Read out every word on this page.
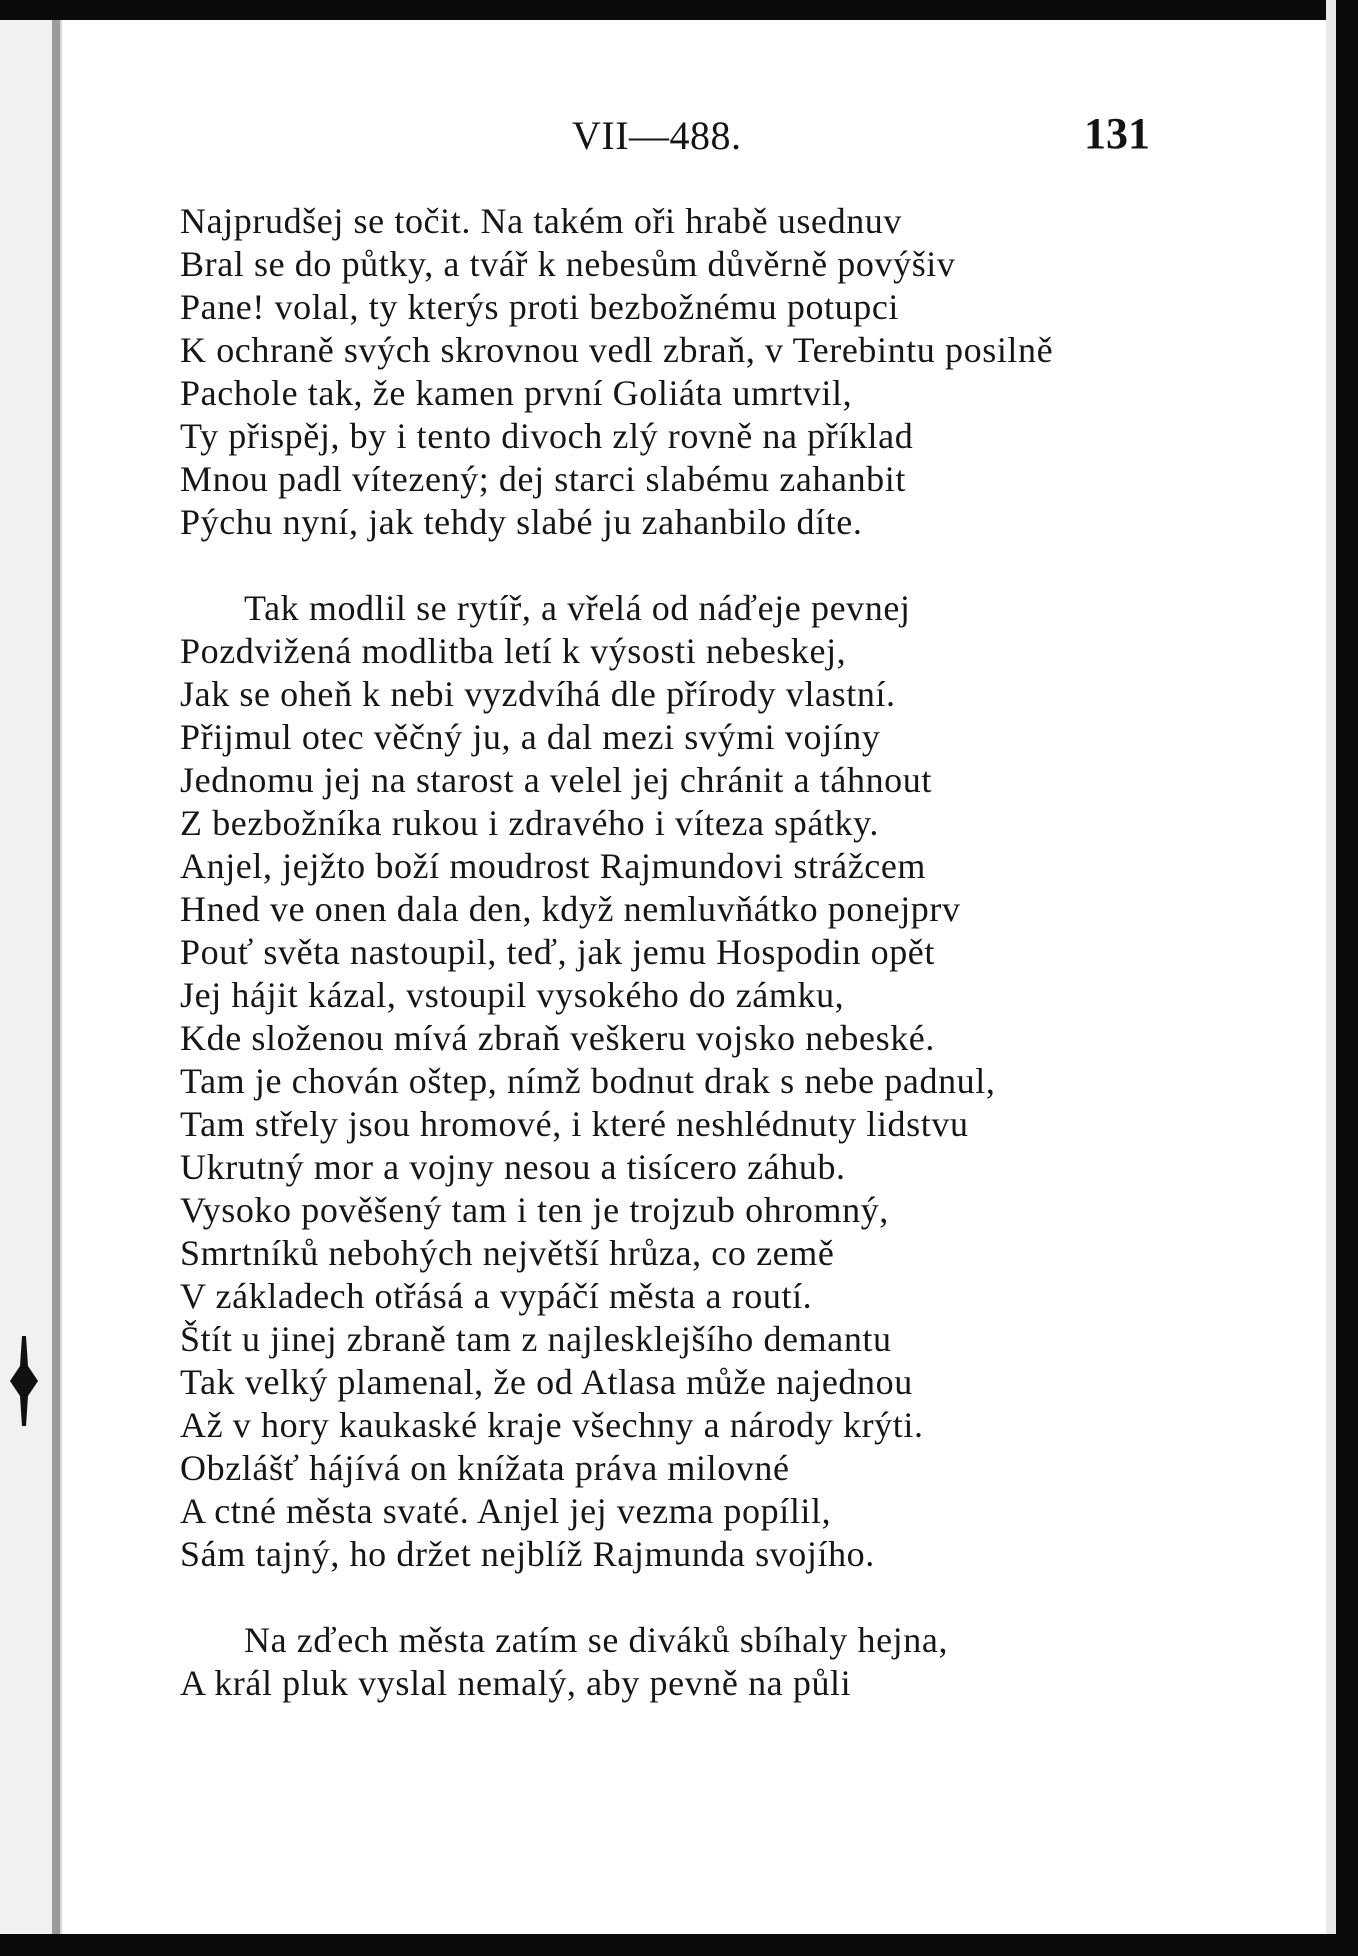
VII—488.	131
Najprudšej se točit. Na takém oři hrabě usednuv
Bral se do půtky, a tvář k nebesům důvěrně povýšiv
Pane! volal, ty kterýs proti bezbožnému potupci
K ochraně svých skrovnou vedl zbraň, v Terebintu posilně
Pachole tak, že kamen první Goliáta umrtvil,
Ty přispěj, by i tento divoch zlý rovně na příklad
Mnou padl vítezený; dej starci slabému zahanbit
Pýchu nyní, jak tehdy slabé ju zahanbilo díte.
Tak modlil se rytíř, a vřelá od náďeje pevnej
Pozdvižená modlitba letí k výsosti nebeskej,
Jak se oheň k nebi vyzdvíhá dle přírody vlastní.
Přijmul otec věčný ju, a dal mezi svými vojíny
Jednomu jej na starost a velel jej chránit a táhnout
Z bezbožníka rukou i zdravého i víteza spátky.
Anjel, jejžto boží moudrost Rajmundovi strážcem
Hned ve onen dala den, když nemluvňátko ponejprv
Pouť světa nastoupil, teď, jak jemu Hospodin opět
Jej hájit kázal, vstoupil vysokého do zámku,
Kde složenou mívá zbraň veškeru vojsko nebeské.
Tam je chován oštep, nímž bodnut drak s nebe padnul,
Tam střely jsou hromové, i které neshlédnuty lidstvu
Ukrutný mor a vojny nesou a tisícero záhub.
Vysoko pověšený tam i ten je trojzub ohromný,
Smrtníků nebohých největší hrůza, co země
V základech otřásá a vypáčí města a routí.
Štít u jinej zbraně tam z najlesklejšího demantu
Tak velký plamenal, že od Atlasa může najednou
Až v hory kaukaské kraje všechny a národy krýti.
Obzlášť hájívá on knížata práva milovné
A ctné města svaté. Anjel jej vezma popílil,
Sám tajný, ho držet nejblíž Rajmunda svojího.
Na zďech města zatím se diváků sbíhaly hejna,
A král pluk vyslal nemalý, aby pevně na půli
